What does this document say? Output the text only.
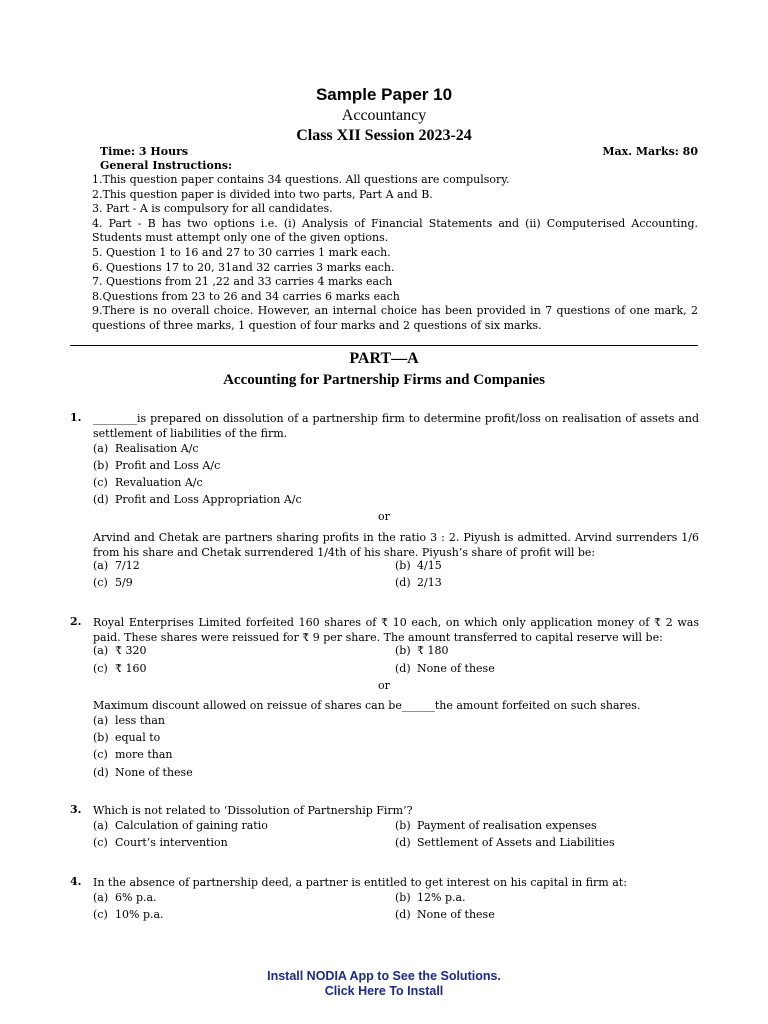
Sample Paper 10
Accountancy
Class XII Session 2023-24
Time: 3 Hours	Max. Marks: 80
General Instructions:
1.This question paper contains 34 questions. All questions are compulsory.
2.This question paper is divided into two parts, Part A and B.
3. Part - A is compulsory for all candidates.
4. Part - B has two options i.e. (i) Analysis of Financial Statements and (ii) Computerised Accounting. Students must attempt only one of the given options.
5. Question 1 to 16 and 27 to 30 carries 1 mark each.
6. Questions 17 to 20, 31and 32 carries 3 marks each.
7. Questions from 21 ,22 and 33 carries 4 marks each
8.Questions from 23 to 26 and 34 carries 6 marks each
9.There is no overall choice. However, an internal choice has been provided in 7 questions of one mark, 2 questions of three marks, 1 question of four marks and 2 questions of six marks.
PART—A
Accounting for Partnership Firms and Companies
1. ________is prepared on dissolution of a partnership firm to determine profit/loss on realisation of assets and settlement of liabilities of the firm.
(a) Realisation A/c
(b) Profit and Loss A/c
(c) Revaluation A/c
(d) Profit and Loss Appropriation A/c
or
Arvind and Chetak are partners sharing profits in the ratio 3 : 2. Piyush is admitted. Arvind surrenders 1/6 from his share and Chetak surrendered 1/4th of his share. Piyush’s share of profit will be:
(a) 7/12	(b) 4/15
(c) 5/9	(d) 2/13
2. Royal Enterprises Limited forfeited 160 shares of ₹ 10 each, on which only application money of ₹ 2 was paid. These shares were reissued for ₹ 9 per share. The amount transferred to capital reserve will be:
(a) ₹ 320	(b) ₹ 180
(c) ₹ 160	(d) None of these
or
Maximum discount allowed on reissue of shares can be______the amount forfeited on such shares.
(a) less than
(b) equal to
(c) more than
(d) None of these
3. Which is not related to ‘Dissolution of Partnership Firm’?
(a) Calculation of gaining ratio	(b) Payment of realisation expenses
(c) Court’s intervention	(d) Settlement of Assets and Liabilities
4. In the absence of partnership deed, a partner is entitled to get interest on his capital in firm at:
(a) 6% p.a.	(b) 12% p.a.
(c) 10% p.a.	(d) None of these
Install NODIA App to See the Solutions.
Click Here To Install
